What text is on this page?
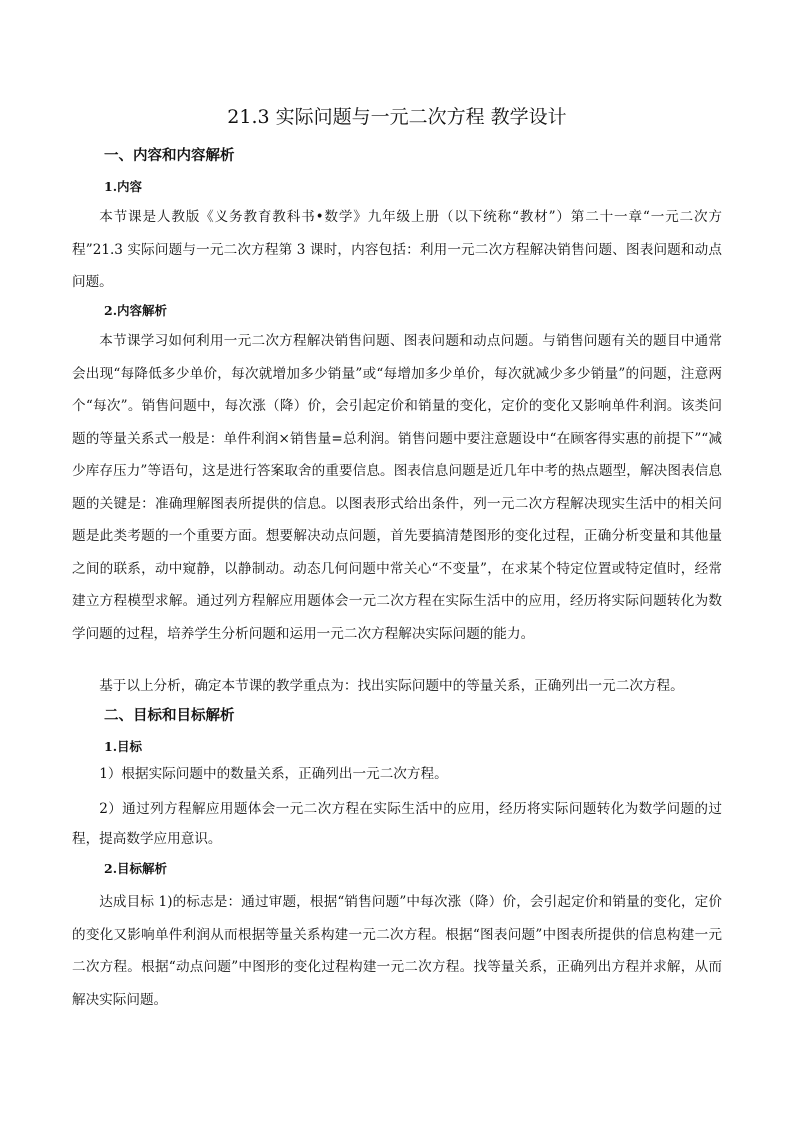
21.3 实际问题与一元二次方程 教学设计
一、内容和内容解析
1.内容

本节课是人教版《义务教育教科书•数学》九年级上册（以下统称“教材”）第二十一章“一元二次方程”21.3 实际问题与一元二次方程第 3 课时，内容包括：利用一元二次方程解决销售问题、图表问题和动点问题。

2.内容解析

本节课学习如何利用一元二次方程解决销售问题、图表问题和动点问题。与销售问题有关的题目中通常会出现“每降低多少单价，每次就增加多少销量”或“每增加多少单价，每次就减少多少销量”的问题，注意两个“每次”。销售问题中，每次涨（降）价，会引起定价和销量的变化，定价的变化又影响单件利润。该类问题的等量关系式一般是：单件利润×销售量=总利润。销售问题中要注意题设中“在顾客得实惠的前提下”“减少库存压力”等语句，这是进行答案取舍的重要信息。图表信息问题是近几年中考的热点题型，解决图表信息题的关键是：准确理解图表所提供的信息。以图表形式给出条件，列一元二次方程解决现实生活中的相关问题是此类考题的一个重要方面。想要解决动点问题，首先要搞清楚图形的变化过程，正确分析变量和其他量之间的联系，动中窥静，以静制动。动态几何问题中常关心“不变量”，在求某个特定位置或特定值时，经常建立方程模型求解。通过列方程解应用题体会一元二次方程在实际生活中的应用，经历将实际问题转化为数学问题的过程，培养学生分析问题和运用一元二次方程解决实际问题的能力。

基于以上分析，确定本节课的教学重点为：找出实际问题中的等量关系，正确列出一元二次方程。

二、目标和目标解析
1.目标

1）根据实际问题中的数量关系，正确列出一元二次方程。

2）通过列方程解应用题体会一元二次方程在实际生活中的应用，经历将实际问题转化为数学问题的过程，提高数学应用意识。

2.目标解析

达成目标 1)的标志是：通过审题，根据“销售问题”中每次涨（降）价，会引起定价和销量的变化，定价的变化又影响单件利润从而根据等量关系构建一元二次方程。根据“图表问题”中图表所提供的信息构建一元二次方程。根据“动点问题”中图形的变化过程构建一元二次方程。找等量关系，正确列出方程并求解，从而解决实际问题。
